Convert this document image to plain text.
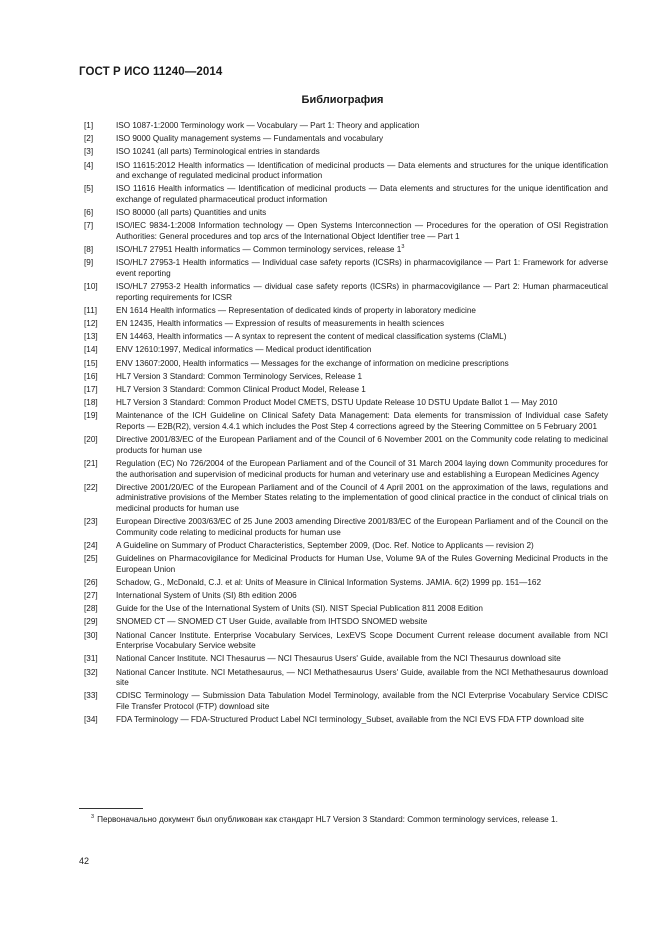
ГОСТ Р ИСО 11240—2014
Библиография
[1]	ISO 1087-1:2000 Terminology work — Vocabulary — Part 1: Theory and application
[2]	ISO 9000 Quality management systems — Fundamentals and vocabulary
[3]	ISO 10241 (all parts) Terminological entries in standards
[4]	ISO 11615:2012 Health informatics — Identification of medicinal products — Data elements and structures for the unique identification and exchange of regulated medicinal product information
[5]	ISO 11616 Health informatics — Identification of medicinal products — Data elements and structures for the unique identification and exchange of regulated pharmaceutical product information
[6]	ISO 80000 (all parts) Quantities and units
[7]	ISO/IEC 9834-1:2008 Information technology — Open Systems Interconnection — Procedures for the operation of OSI Registration Authorities: General procedures and top arcs of the International Object Identifier tree — Part 1
[8]	ISO/HL7 27951 Health informatics — Common terminology services, release $1^3$
[9]	ISO/HL7 27953-1 Health informatics — Individual case safety reports (ICSRs) in pharmacovigilance — Part 1: Framework for adverse event reporting
[10]	ISO/HL7 27953-2 Health informatics — dividual case safety reports (ICSRs) in pharmacovigilance — Part 2: Human pharmaceutical reporting requirements for ICSR
[11]	EN 1614 Health informatics — Representation of dedicated kinds of property in laboratory medicine
[12]	EN 12435, Health informatics — Expression of results of measurements in health sciences
[13]	EN 14463, Health informatics — A syntax to represent the content of medical classification systems (ClaML)
[14]	ENV 12610:1997, Medical informatics — Medical product identification
[15]	ENV 13607:2000, Health informatics — Messages for the exchange of information on medicine prescriptions
[16]	HL7 Version 3 Standard: Common Terminology Services, Release 1
[17]	HL7 Version 3 Standard: Common Clinical Product Model, Release 1
[18]	HL7 Version 3 Standard: Common Product Model CMETS, DSTU Update Release 10 DSTU Update Ballot 1 — May 2010
[19]	Maintenance of the ICH Guideline on Clinical Safety Data Management: Data elements for transmission of Individual case Safety Reports — E2B(R2), version 4.4.1 which includes the Post Step 4 corrections agreed by the Steering Committee on 5 February 2001
[20]	Directive 2001/83/EC of the European Parliament and of the Council of 6 November 2001 on the Community code relating to medicinal products for human use
[21]	Regulation (EC) No 726/2004 of the European Parliament and of the Council of 31 March 2004 laying down Community procedures for the authorisation and supervision of medicinal products for human and veterinary use and establishing a European Medicines Agency
[22]	Directive 2001/20/EC of the European Parliament and of the Council of 4 April 2001 on the approximation of the laws, regulations and administrative provisions of the Member States relating to the implementation of good clinical practice in the conduct of clinical trials on medicinal products for human use
[23]	European Directive 2003/63/EC of 25 June 2003 amending Directive 2001/83/EC of the European Parliament and of the Council on the Community code relating to medicinal products for human use
[24]	A Guideline on Summary of Product Characteristics, September 2009, (Doc. Ref. Notice to Applicants — revision 2)
[25]	Guidelines on Pharmacovigilance for Medicinal Products for Human Use, Volume 9A of the Rules Governing Medicinal Products in the European Union
[26]	Schadow, G., McDonald, C.J. et al: Units of Measure in Clinical Information Systems. JAMIA. 6(2) 1999 pp. 151—162
[27]	International System of Units (SI) 8th edition 2006
[28]	Guide for the Use of the International System of Units (SI). NIST Special Publication 811 2008 Edition
[29]	SNOMED CT — SNOMED CT User Guide, available from IHTSDO SNOMED website
[30]	National Cancer Institute. Enterprise Vocabulary Services, LexEVS Scope Document Current release document available from NCI Enterprise Vocabulary Service website
[31]	National Cancer Institute. NCI Thesaurus — NCI Thesaurus Users' Guide, available from the NCI Thesaurus download site
[32]	National Cancer Institute. NCI Metathesaurus, — NCI Methathesaurus Users' Guide, available from the NCI Methathesaurus download site
[33]	CDISC Terminology — Submission Data Tabulation Model Terminology, available from the NCI Evterprise Vocabulary Service CDISC File Transfer Protocol (FTP) download site
[34]	FDA Terminology — FDA-Structured Product Label NCI terminology_Subset, available from the NCI EVS FDA FTP download site
$^3$ Первоначально документ был опубликован как стандарт HL7 Version 3 Standard: Common terminology services, release 1.
42
